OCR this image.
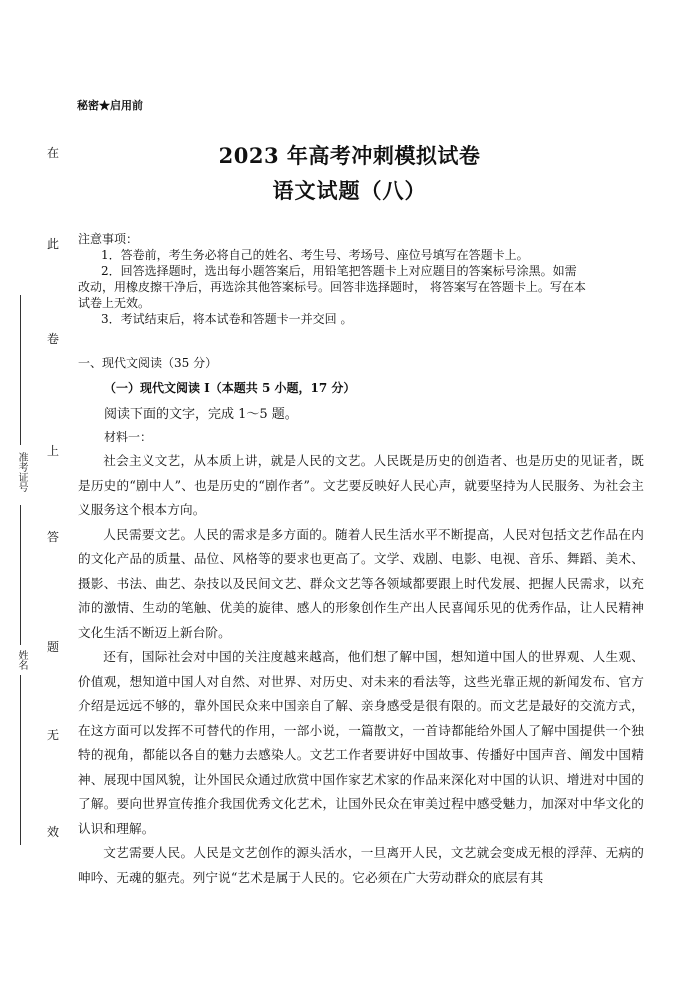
在
此
卷
上
答
题
无
效
准考证号
姓名
秘密★启用前
2023 年高考冲刺模拟试卷
语文试题（八）
注意事项：
1．答卷前，考生务必将自己的姓名、考生号、考场号、座位号填写在答题卡上。
2．回答选择题时，选出每小题答案后，用铅笔把答题卡上对应题目的答案标号涂黑。如需
改动，用橡皮擦干净后，再选涂其他答案标号。回答非选择题时， 将答案写在答题卡上。写在本
试卷上无效。
3．考试结束后，将本试卷和答题卡一并交回 。
一、现代文阅读（35 分）
（一）现代文阅读 I（本题共 5 小题，17 分）
阅读下面的文字，完成 1～5 题。
材料一：

社会主义文艺，从本质上讲，就是人民的文艺。人民既是历史的创造者、也是历史的见证者，既是历史的“剧中人”、也是历史的“剧作者”。文艺要反映好人民心声，就要坚持为人民服务、为社会主义服务这个根本方向。

人民需要文艺。人民的需求是多方面的。随着人民生活水平不断提高，人民对包括文艺作品在内的文化产品的质量、品位、风格等的要求也更高了。文学、戏剧、电影、电视、音乐、舞蹈、美术、摄影、书法、曲艺、杂技以及民间文艺、群众文艺等各领域都要跟上时代发展、把握人民需求，以充沛的激情、生动的笔触、优美的旋律、感人的形象创作生产出人民喜闻乐见的优秀作品，让人民精神文化生活不断迈上新台阶。

还有，国际社会对中国的关注度越来越高，他们想了解中国，想知道中国人的世界观、人生观、价值观，想知道中国人对自然、对世界、对历史、对未来的看法等，这些光靠正规的新闻发布、官方介绍是远远不够的，靠外国民众来中国亲自了解、亲身感受是很有限的。而文艺是最好的交流方式，在这方面可以发挥不可替代的作用，一部小说，一篇散文，一首诗都能给外国人了解中国提供一个独特的视角，都能以各自的魅力去感染人。文艺工作者要讲好中国故事、传播好中国声音、阐发中国精神、展现中国风貌，让外国民众通过欣赏中国作家艺术家的作品来深化对中国的认识、增进对中国的了解。要向世界宣传推介我国优秀文化艺术，让国外民众在审美过程中感受魅力，加深对中华文化的认识和理解。

文艺需要人民。人民是文艺创作的源头活水，一旦离开人民，文艺就会变成无根的浮萍、无病的呻吟、无魂的躯壳。列宁说“艺术是属于人民的。它必须在广大劳动群众的底层有其
